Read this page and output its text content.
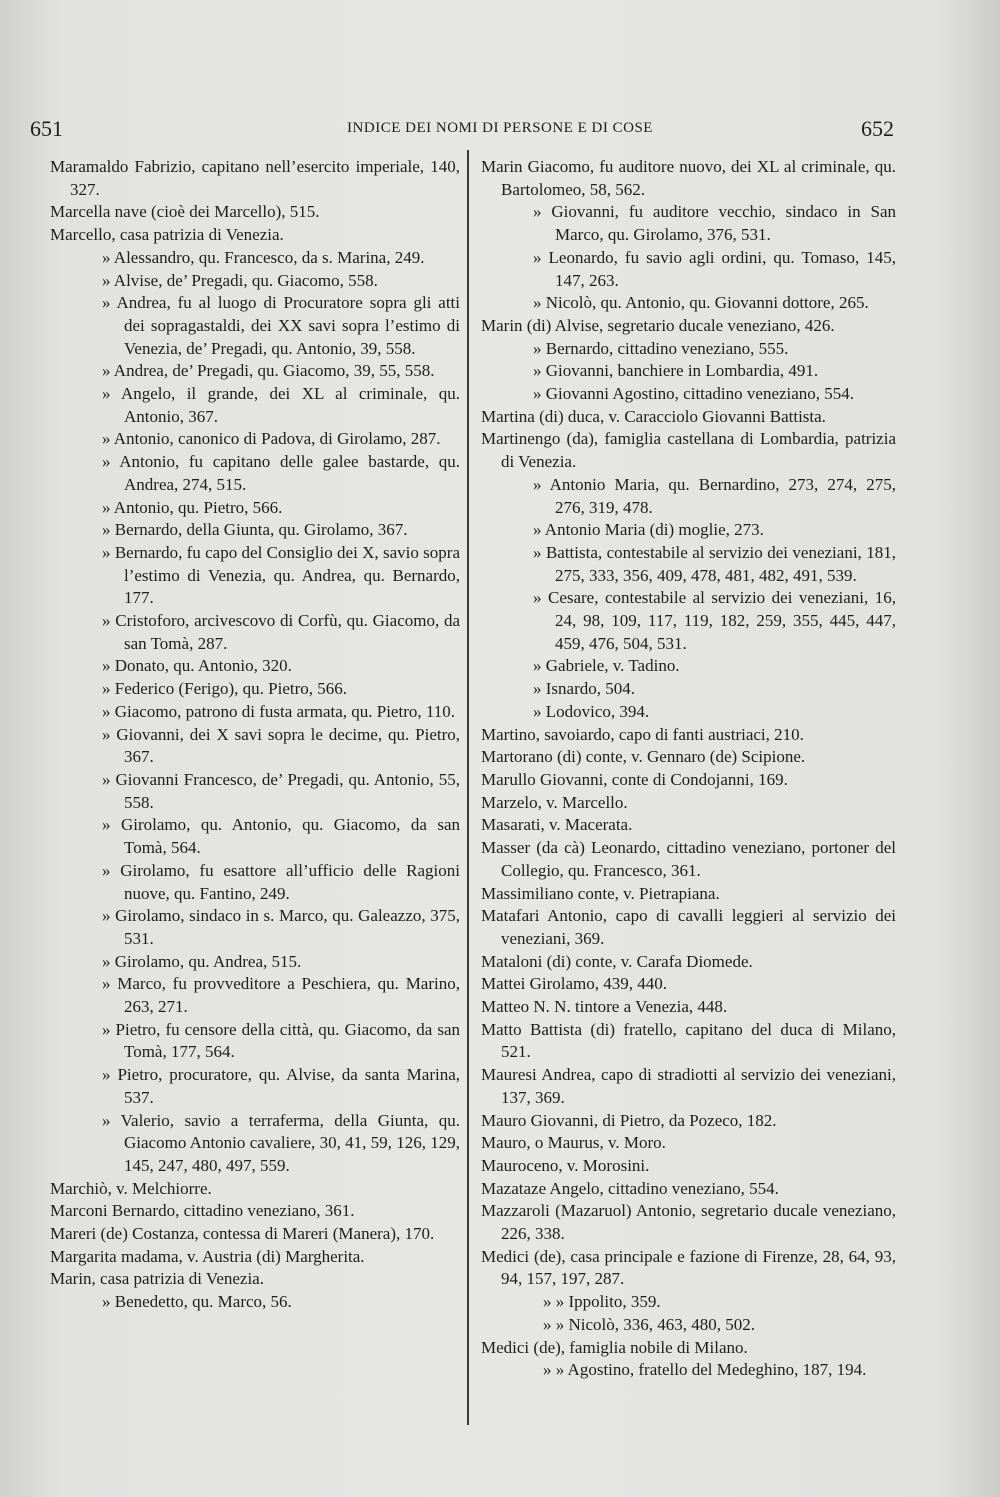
651	INDICE DEI NOMI DI PERSONE E DI COSE	652

Maramaldo Fabrizio, capitano nell’esercito imperiale, 140, 327.

Marcella nave (cioè dei Marcello), 515.

Marcello, casa patrizia di Venezia.

» Alessandro, qu. Francesco, da s. Marina, 249.

» Alvise, de’ Pregadi, qu. Giacomo, 558.

» Andrea, fu al luogo di Procuratore sopra gli atti dei sopragastaldi, dei XX savi sopra l’estimo di Venezia, de’ Pregadi, qu. Antonio, 39, 558.

» Andrea, de’ Pregadi, qu. Giacomo, 39, 55, 558.

» Angelo, il grande, dei XL al criminale, qu. Antonio, 367.

» Antonio, canonico di Padova, di Girolamo, 287.

» Antonio, fu capitano delle galee bastarde, qu. Andrea, 274, 515.

» Antonio, qu. Pietro, 566.

» Bernardo, della Giunta, qu. Girolamo, 367.

» Bernardo, fu capo del Consiglio dei X, savio sopra l’estimo di Venezia, qu. Andrea, qu. Bernardo, 177.

» Cristoforo, arcivescovo di Corfù, qu. Giacomo, da san Tomà, 287.

» Donato, qu. Antonio, 320.

» Federico (Ferigo), qu. Pietro, 566.

» Giacomo, patrono di fusta armata, qu. Pietro, 110.

» Giovanni, dei X savi sopra le decime, qu. Pietro, 367.

» Giovanni Francesco, de’ Pregadi, qu. Antonio, 55, 558.

» Girolamo, qu. Antonio, qu. Giacomo, da san Tomà, 564.

» Girolamo, fu esattore all’ufficio delle Ragioni nuove, qu. Fantino, 249.

» Girolamo, sindaco in s. Marco, qu. Galeazzo, 375, 531.

» Girolamo, qu. Andrea, 515.

» Marco, fu provveditore a Peschiera, qu. Marino, 263, 271.

» Pietro, fu censore della città, qu. Giacomo, da san Tomà, 177, 564.

» Pietro, procuratore, qu. Alvise, da santa Marina, 537.

» Valerio, savio a terraferma, della Giunta, qu. Giacomo Antonio cavaliere, 30, 41, 59, 126, 129, 145, 247, 480, 497, 559.

Marchiò, v. Melchiorre.

Marconi Bernardo, cittadino veneziano, 361.

Mareri (de) Costanza, contessa di Mareri (Manera), 170.

Margarita madama, v. Austria (di) Margherita.

Marin, casa patrizia di Venezia.

» Benedetto, qu. Marco, 56.

Marin Giacomo, fu auditore nuovo, dei XL al criminale, qu. Bartolomeo, 58, 562.

» Giovanni, fu auditore vecchio, sindaco in San Marco, qu. Girolamo, 376, 531.

» Leonardo, fu savio agli ordini, qu. Tomaso, 145, 147, 263.

» Nicolò, qu. Antonio, qu. Giovanni dottore, 265.

Marin (di) Alvise, segretario ducale veneziano, 426.

» Bernardo, cittadino veneziano, 555.

» Giovanni, banchiere in Lombardia, 491.

» Giovanni Agostino, cittadino veneziano, 554.

Martina (di) duca, v. Caracciolo Giovanni Battista.

Martinengo (da), famiglia castellana di Lombardia, patrizia di Venezia.

» Antonio Maria, qu. Bernardino, 273, 274, 275, 276, 319, 478.

» Antonio Maria (di) moglie, 273.

» Battista, contestabile al servizio dei veneziani, 181, 275, 333, 356, 409, 478, 481, 482, 491, 539.

» Cesare, contestabile al servizio dei veneziani, 16, 24, 98, 109, 117, 119, 182, 259, 355, 445, 447, 459, 476, 504, 531.

» Gabriele, v. Tadino.

» Isnardo, 504.

» Lodovico, 394.

Martino, savoiardo, capo di fanti austriaci, 210.

Martorano (di) conte, v. Gennaro (de) Scipione.

Marullo Giovanni, conte di Condojanni, 169.

Marzelo, v. Marcello.

Masarati, v. Macerata.

Masser (da cà) Leonardo, cittadino veneziano, portoner del Collegio, qu. Francesco, 361.

Massimiliano conte, v. Pietrapiana.

Matafari Antonio, capo di cavalli leggieri al servizio dei veneziani, 369.

Mataloni (di) conte, v. Carafa Diomede.

Mattei Girolamo, 439, 440.

Matteo N. N. tintore a Venezia, 448.

Matto Battista (di) fratello, capitano del duca di Milano, 521.

Mauresi Andrea, capo di stradiotti al servizio dei veneziani, 137, 369.

Mauro Giovanni, di Pietro, da Pozeco, 182.

Mauro, o Maurus, v. Moro.

Mauroceno, v. Morosini.

Mazataze Angelo, cittadino veneziano, 554.

Mazzaroli (Mazaruol) Antonio, segretario ducale veneziano, 226, 338.

Medici (de), casa principale e fazione di Firenze, 28, 64, 93, 94, 157, 197, 287.

» » Ippolito, 359.

» » Nicolò, 336, 463, 480, 502.

Medici (de), famiglia nobile di Milano.

» » Agostino, fratello del Medeghino, 187, 194.
